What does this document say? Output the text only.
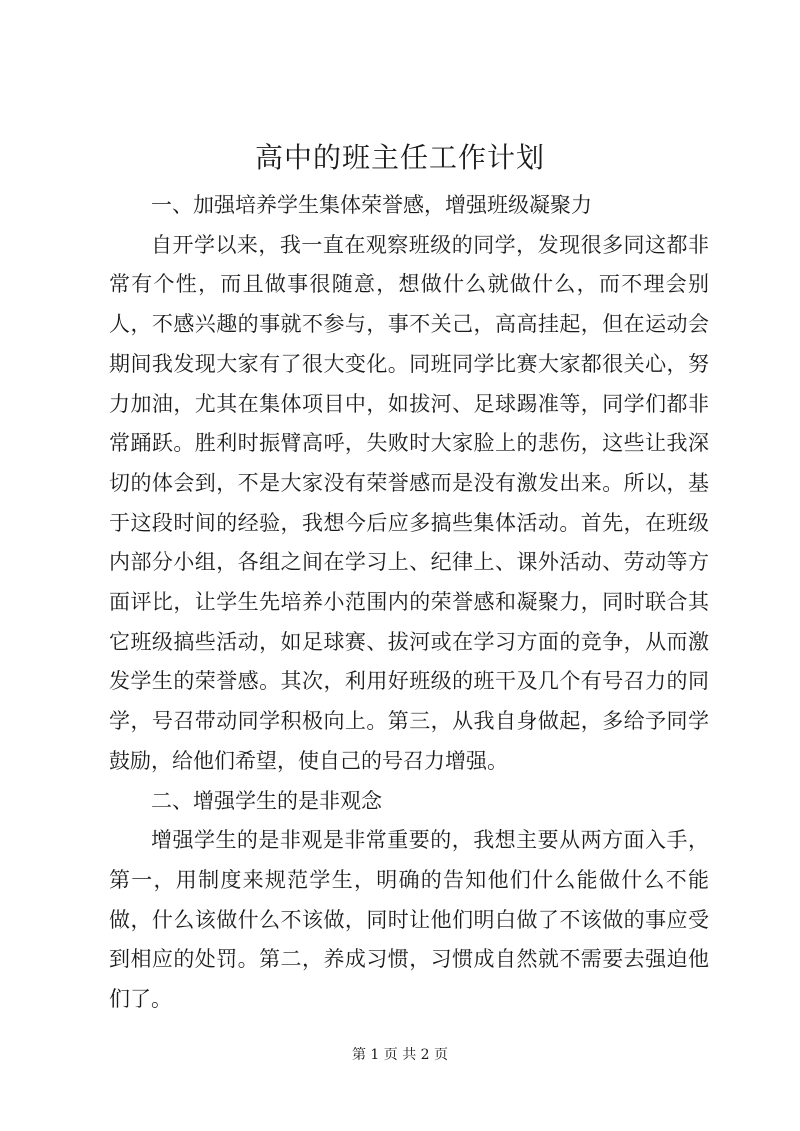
高中的班主任工作计划

一、加强培养学生集体荣誉感，增强班级凝聚力

自开学以来，我一直在观察班级的同学，发现很多同这都非常有个性，而且做事很随意，想做什么就做什么，而不理会别人，不感兴趣的事就不参与，事不关己，高高挂起，但在运动会期间我发现大家有了很大变化。同班同学比赛大家都很关心，努力加油，尤其在集体项目中，如拔河、足球踢准等，同学们都非常踊跃。胜利时振臂高呼，失败时大家脸上的悲伤，这些让我深切的体会到，不是大家没有荣誉感而是没有激发出来。所以，基于这段时间的经验，我想今后应多搞些集体活动。首先，在班级内部分小组，各组之间在学习上、纪律上、课外活动、劳动等方面评比，让学生先培养小范围内的荣誉感和凝聚力，同时联合其它班级搞些活动，如足球赛、拔河或在学习方面的竞争，从而激发学生的荣誉感。其次，利用好班级的班干及几个有号召力的同学，号召带动同学积极向上。第三，从我自身做起，多给予同学鼓励，给他们希望，使自己的号召力增强。

二、增强学生的是非观念

增强学生的是非观是非常重要的，我想主要从两方面入手，第一，用制度来规范学生，明确的告知他们什么能做什么不能做，什么该做什么不该做，同时让他们明白做了不该做的事应受到相应的处罚。第二，养成习惯，习惯成自然就不需要去强迫他们了。

第 1 页 共 2 页
